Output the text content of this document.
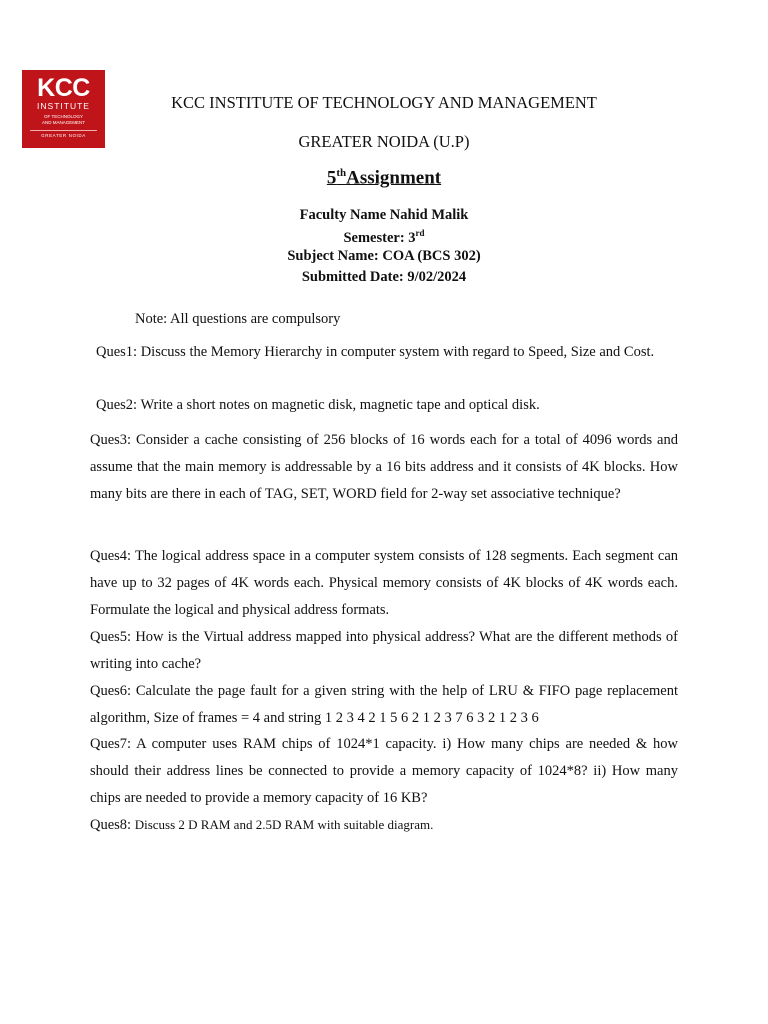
KCC
INSTITUTE
OF TECHNOLOGY
AND MANAGEMENT
GREATER NOIDA
KCC INSTITUTE OF TECHNOLOGY AND MANAGEMENT
GREATER NOIDA (U.P)
5thAssignment
Faculty Name Nahid Malik
Semester: 3rd
Subject Name: COA (BCS 302)
Submitted Date: 9/02/2024
Note: All questions are compulsory
Ques1: Discuss the Memory Hierarchy in computer system with regard to Speed, Size and Cost.
Ques2: Write a short notes on magnetic disk, magnetic tape and optical disk.
Ques3: Consider a cache consisting of 256 blocks of 16 words each for a total of 4096 words and assume that the main memory is addressable by a 16 bits address and it consists of 4K blocks. How many bits are there in each of TAG, SET, WORD field for 2-way set associative technique?
Ques4: The logical address space in a computer system consists of 128 segments. Each segment can have up to 32 pages of 4K words each. Physical memory consists of 4K blocks of 4K words each. Formulate the logical and physical address formats.
Ques5: How is the Virtual address mapped into physical address? What are the different methods of writing into cache?
Ques6: Calculate the page fault for a given string with the help of LRU & FIFO page replacement algorithm, Size of frames = 4 and string 1 2 3 4 2 1 5 6 2 1 2 3 7 6 3 2 1 2 3 6
Ques7: A computer uses RAM chips of 1024*1 capacity. i) How many chips are needed & how should their address lines be connected to provide a memory capacity of 1024*8? ii) How many chips are needed to provide a memory capacity of 16 KB?
Ques8: Discuss 2 D RAM and 2.5D RAM with suitable diagram.
